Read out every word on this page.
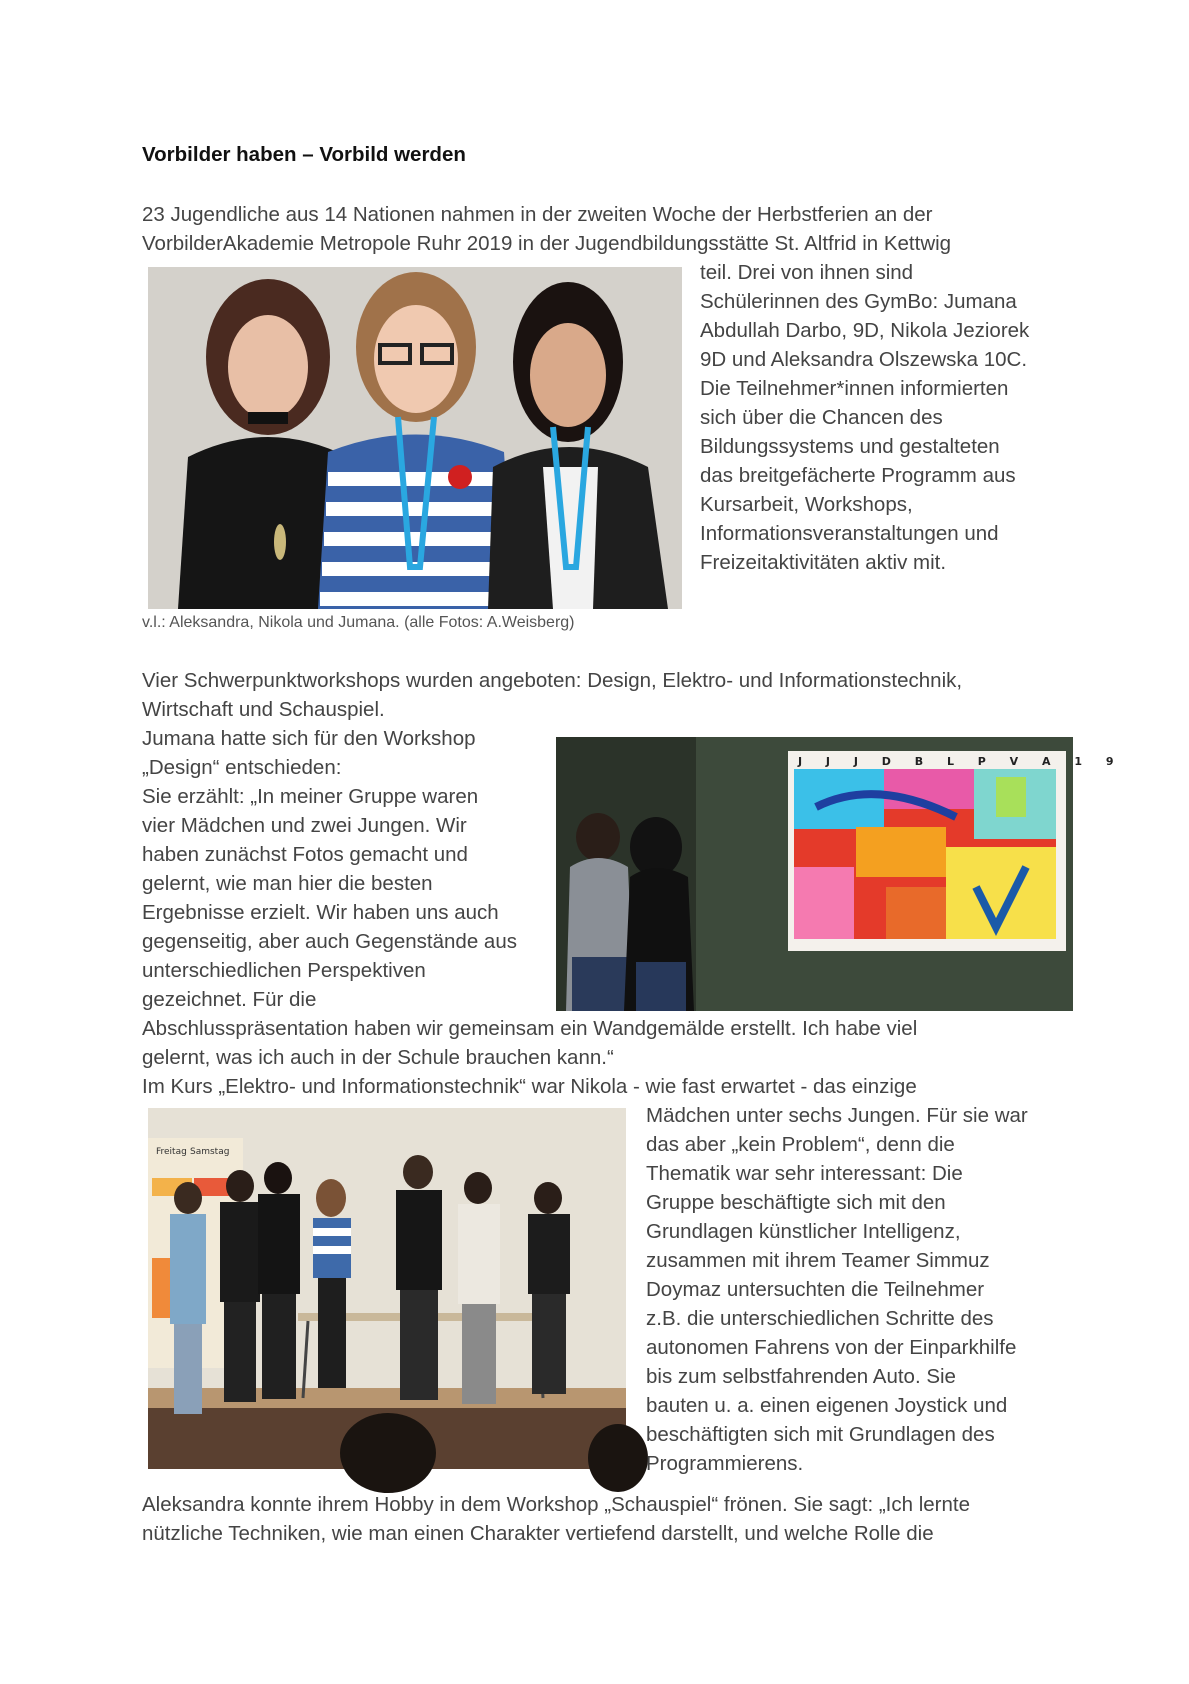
Vorbilder haben – Vorbild werden
23 Jugendliche aus 14 Nationen nahmen in der zweiten Woche der Herbstferien an der
VorbilderAkademie Metropole Ruhr 2019 in der Jugendbildungsstätte St. Altfrid in Kettwig
teil. Drei von ihnen sind
Schülerinnen des GymBo: Jumana
Abdullah Darbo, 9D, Nikola Jeziorek
9D und Aleksandra Olszewska 10C.
Die Teilnehmer*innen informierten
sich über die Chancen des
Bildungssystems und gestalteten
das breitgefächerte Programm aus
Kursarbeit, Workshops,
Informationsveranstaltungen und
Freizeitaktivitäten aktiv mit.
v.l.: Aleksandra, Nikola und Jumana. (alle Fotos: A.Weisberg)
Vier Schwerpunktworkshops wurden angeboten: Design, Elektro- und Informationstechnik,
Wirtschaft und Schauspiel.
Jumana hatte sich für den Workshop
„Design“ entschieden:
Sie erzählt: „In meiner Gruppe waren
vier Mädchen und zwei Jungen. Wir
haben zunächst Fotos gemacht und
gelernt, wie man hier die besten
Ergebnisse erzielt. Wir haben uns auch
gegenseitig, aber auch Gegenstände aus
unterschiedlichen Perspektiven
gezeichnet. Für die
J J J D B L P V A 1 9
Abschlusspräsentation haben wir gemeinsam ein Wandgemälde erstellt. Ich habe viel
gelernt, was ich auch in der Schule brauchen kann.“
Im Kurs „Elektro- und Informationstechnik“ war Nikola - wie fast erwartet - das einzige
Freitag Samstag
Mädchen unter sechs Jungen. Für sie war
das aber „kein Problem“, denn die
Thematik war sehr interessant: Die
Gruppe beschäftigte sich mit den
Grundlagen künstlicher Intelligenz,
zusammen mit ihrem Teamer Simmuz
Doymaz untersuchten die Teilnehmer
z.B. die unterschiedlichen Schritte des
autonomen Fahrens von der Einparkhilfe
bis zum selbstfahrenden Auto. Sie
bauten u. a. einen eigenen Joystick und
beschäftigten sich mit Grundlagen des
Programmierens.
Aleksandra konnte ihrem Hobby in dem Workshop „Schauspiel“ frönen. Sie sagt: „Ich lernte
nützliche Techniken, wie man einen Charakter vertiefend darstellt, und welche Rolle die
